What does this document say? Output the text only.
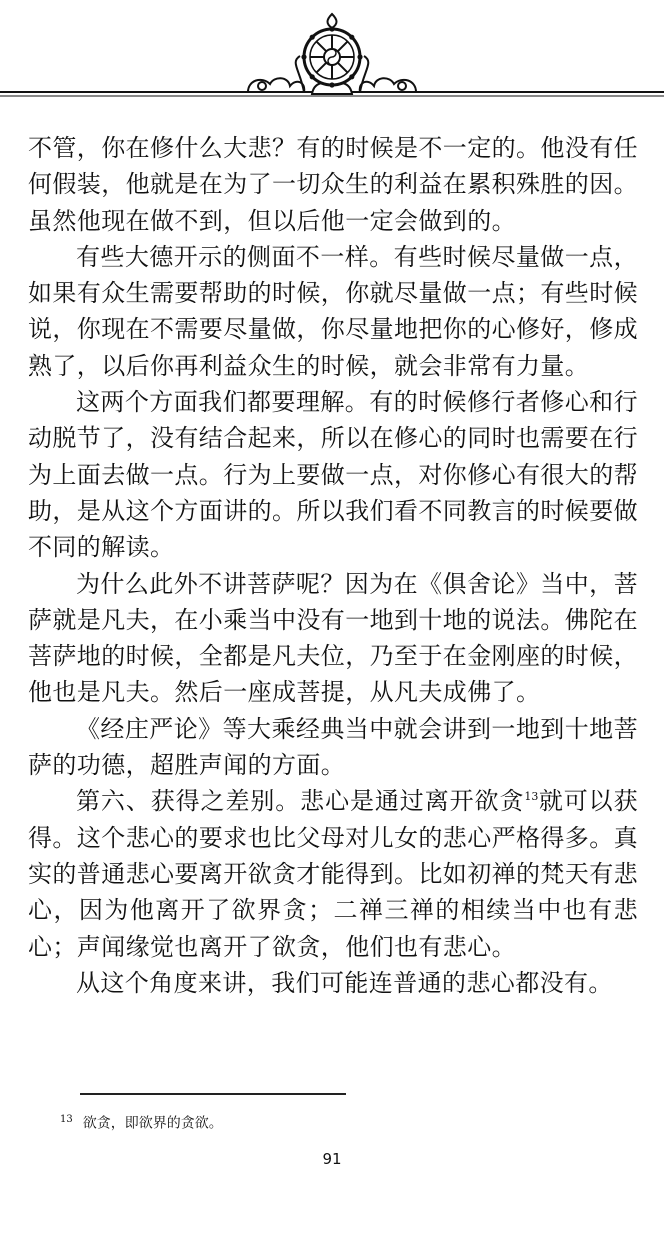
不管，你在修什么大悲？有的时候是不一定的。他没有任何假装，他就是在为了一切众生的利益在累积殊胜的因。虽然他现在做不到，但以后他一定会做到的。

有些大德开示的侧面不一样。有些时候尽量做一点，如果有众生需要帮助的时候，你就尽量做一点；有些时候说，你现在不需要尽量做，你尽量地把你的心修好，修成熟了，以后你再利益众生的时候，就会非常有力量。

这两个方面我们都要理解。有的时候修行者修心和行动脱节了，没有结合起来，所以在修心的同时也需要在行为上面去做一点。行为上要做一点，对你修心有很大的帮助，是从这个方面讲的。所以我们看不同教言的时候要做不同的解读。

为什么此外不讲菩萨呢？因为在《俱舍论》当中，菩萨就是凡夫，在小乘当中没有一地到十地的说法。佛陀在菩萨地的时候，全都是凡夫位，乃至于在金刚座的时候，他也是凡夫。然后一座成菩提，从凡夫成佛了。

《经庄严论》等大乘经典当中就会讲到一地到十地菩萨的功德，超胜声闻的方面。

第六、获得之差别。悲心是通过离开欲贪$^{13}$就可以获得。这个悲心的要求也比父母对儿女的悲心严格得多。真实的普通悲心要离开欲贪才能得到。比如初禅的梵天有悲心，因为他离开了欲界贪；二禅三禅的相续当中也有悲心；声闻缘觉也离开了欲贪，他们也有悲心。

从这个角度来讲，我们可能连普通的悲心都没有。

$^{13}$ 欲贪，即欲界的贪欲。
91
